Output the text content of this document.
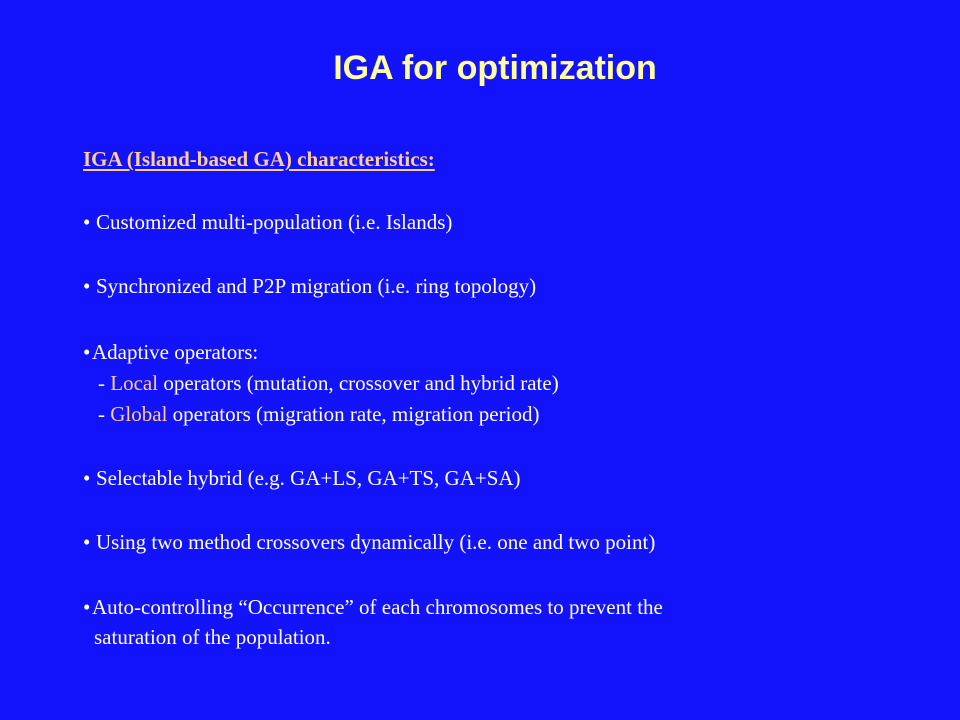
IGA for optimization
IGA (Island-based GA) characteristics:
• Customized multi-population (i.e. Islands)
• Synchronized and P2P migration (i.e. ring topology)
•Adaptive operators:
- Local operators (mutation, crossover and hybrid rate)
- Global operators (migration rate, migration period)
• Selectable hybrid (e.g. GA+LS, GA+TS, GA+SA)
• Using two method crossovers dynamically (i.e. one and two point)
•Auto-controlling “Occurrence” of each chromosomes to prevent the
saturation of the population.
